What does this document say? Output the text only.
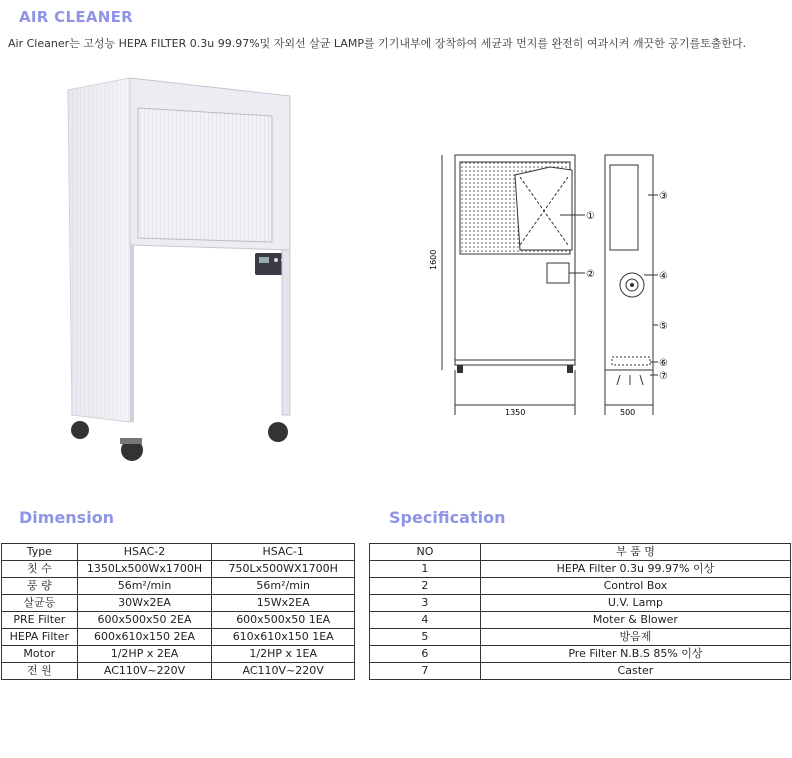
AIR CLEANER
Air Cleaner는 고성능 HEPA FILTER 0.3u 99.97%및 자외선 살균 LAMP를 기기내부에 장착하여 세균과 먼지를 완전히 여과시켜 깨끗한 공기를토출한다.
1600
1350	500
①
②
③
④
⑤
⑥
⑦
Dimension	Specification
Type	HSAC-2	HSAC-1
칫 수	1350Lx500Wx1700H	750Lx500WX1700H
풍 량	56m²/min	56m²/min
살균등	30Wx2EA	15Wx2EA
PRE Filter	600x500x50 2EA	600x500x50 1EA
HEPA Filter	600x610x150 2EA	610x610x150 1EA
Motor	1/2HP x 2EA	1/2HP x 1EA
전 원	AC110V~220V	AC110V~220V
NO	부 품 명
1	HEPA Filter 0.3u 99.97% 이상
2	Control Box
3	U.V. Lamp
4	Moter & Blower
5	방음제
6	Pre Filter N.B.S 85% 이상
7	Caster
